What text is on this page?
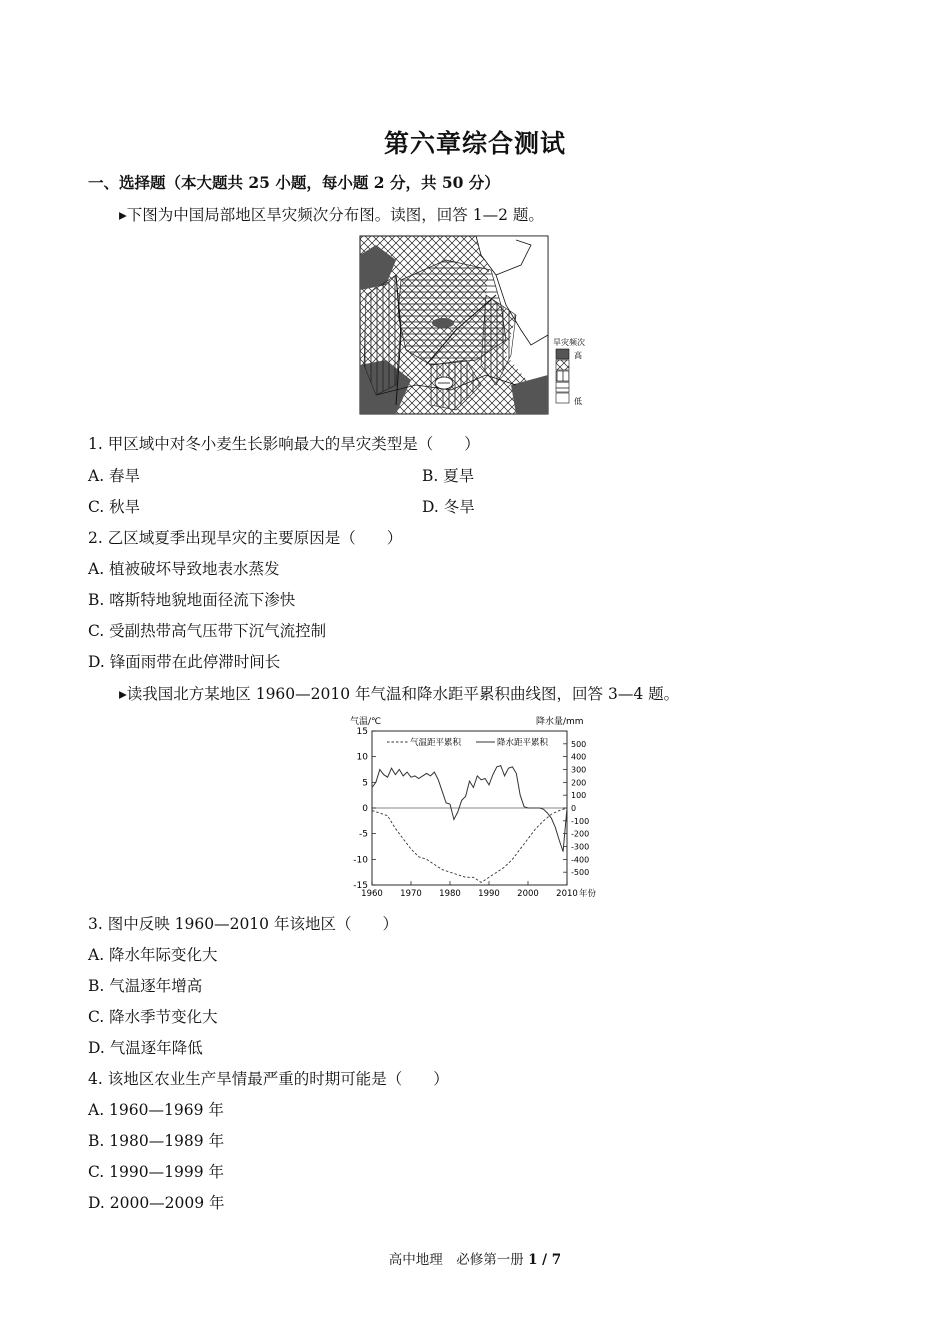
第六章综合测试
一、选择题（本大题共 25 小题，每小题 2 分，共 50 分）
▸下图为中国局部地区旱灾频次分布图。读图，回答 1—2 题。
旱灾频次
高
低
1. 甲区域中对冬小麦生长影响最大的旱灾类型是（　　）
A. 春旱	B. 夏旱
C. 秋旱	D. 冬旱
2. 乙区域夏季出现旱灾的主要原因是（　　）
A. 植被破坏导致地表水蒸发
B. 喀斯特地貌地面径流下渗快
C. 受副热带高气压带下沉气流控制
D. 锋面雨带在此停滞时间长
▸读我国北方某地区 1960—2010 年气温和降水距平累积曲线图，回答 3—4 题。
气温/℃	降水量/mm
气温距平累积	降水距平累积
15
10
5
0
-5
-10
-15
500
400
300
200
100
0
-100
-200
-300
-400
-500
1960 1970 1980 1990 2000 2010 年份
3. 图中反映 1960—2010 年该地区（　　）
A. 降水年际变化大
B. 气温逐年增高
C. 降水季节变化大
D. 气温逐年降低
4. 该地区农业生产旱情最严重的时期可能是（　　）
A. 1960—1969 年
B. 1980—1989 年
C. 1990—1999 年
D. 2000—2009 年
高中地理　必修第一册 1 / 7
